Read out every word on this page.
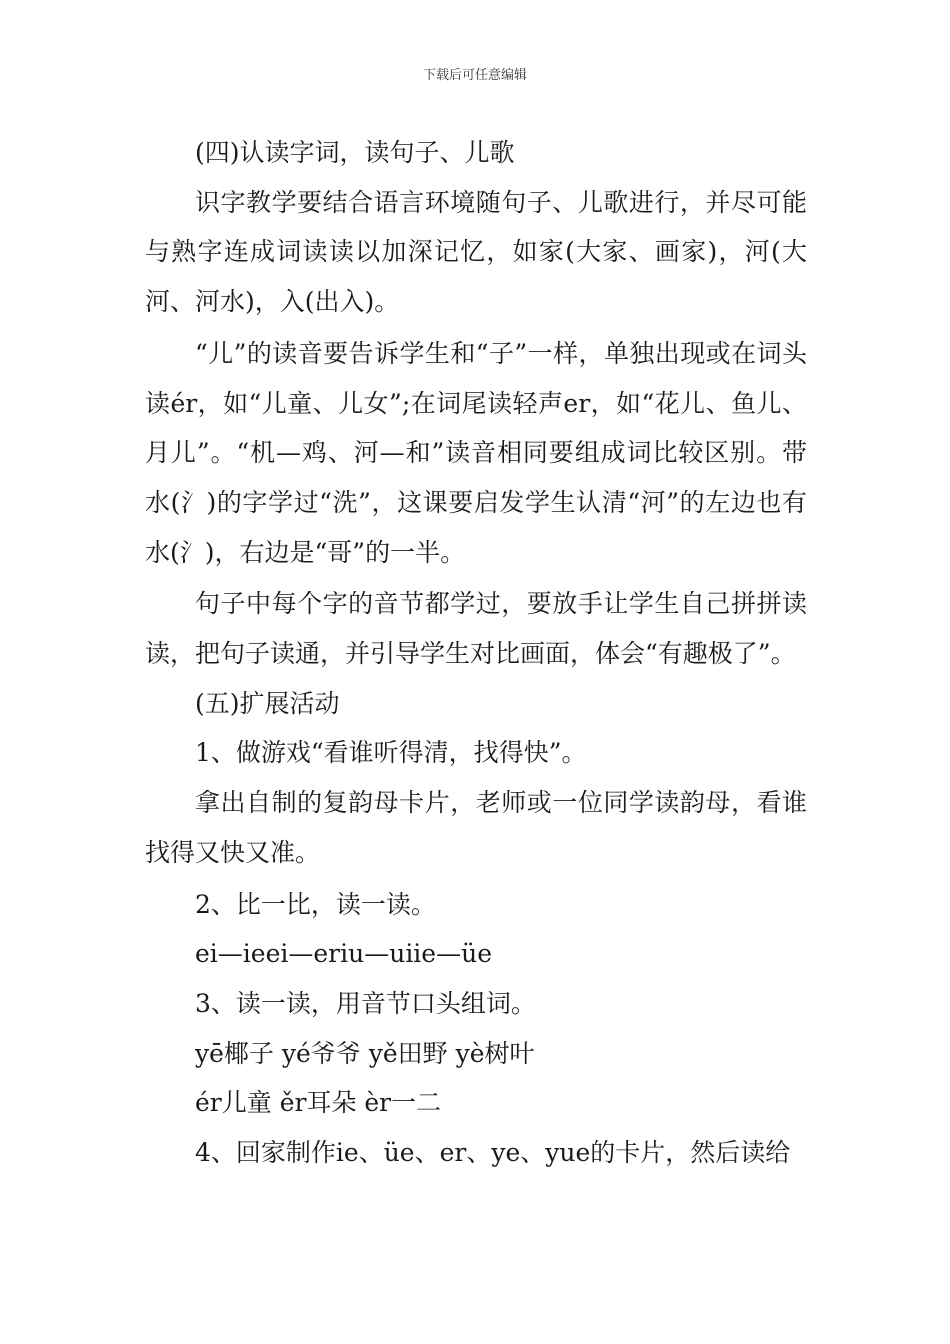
下载后可任意编辑

(四)认读字词，读句子、儿歌

识字教学要结合语言环境随句子、儿歌进行，并尽可能与熟字连成词读读以加深记忆，如家(大家、画家)，河(大河、河水)，入(出入)。

“儿”的读音要告诉学生和“子”一样，单独出现或在词头读ér，如“儿童、儿女”;在词尾读轻声er，如“花儿、鱼儿、月儿”。“机—鸡、河—和”读音相同要组成词比较区别。带水(氵)的字学过“洗”，这课要启发学生认清“河”的左边也有水(氵)，右边是“哥”的一半。

句子中每个字的音节都学过，要放手让学生自己拼拼读读，把句子读通，并引导学生对比画面，体会“有趣极了”。

(五)扩展活动

1、做游戏“看谁听得清，找得快”。

拿出自制的复韵母卡片，老师或一位同学读韵母，看谁找得又快又准。

2、比一比，读一读。

ei—ieei—eriu—uiie—üe

3、读一读，用音节口头组词。

yē椰子 yé爷爷 yě田野 yè树叶

ér儿童 ěr耳朵 èr一二

4、回家制作ie、üe、er、ye、yue的卡片，然后读给
